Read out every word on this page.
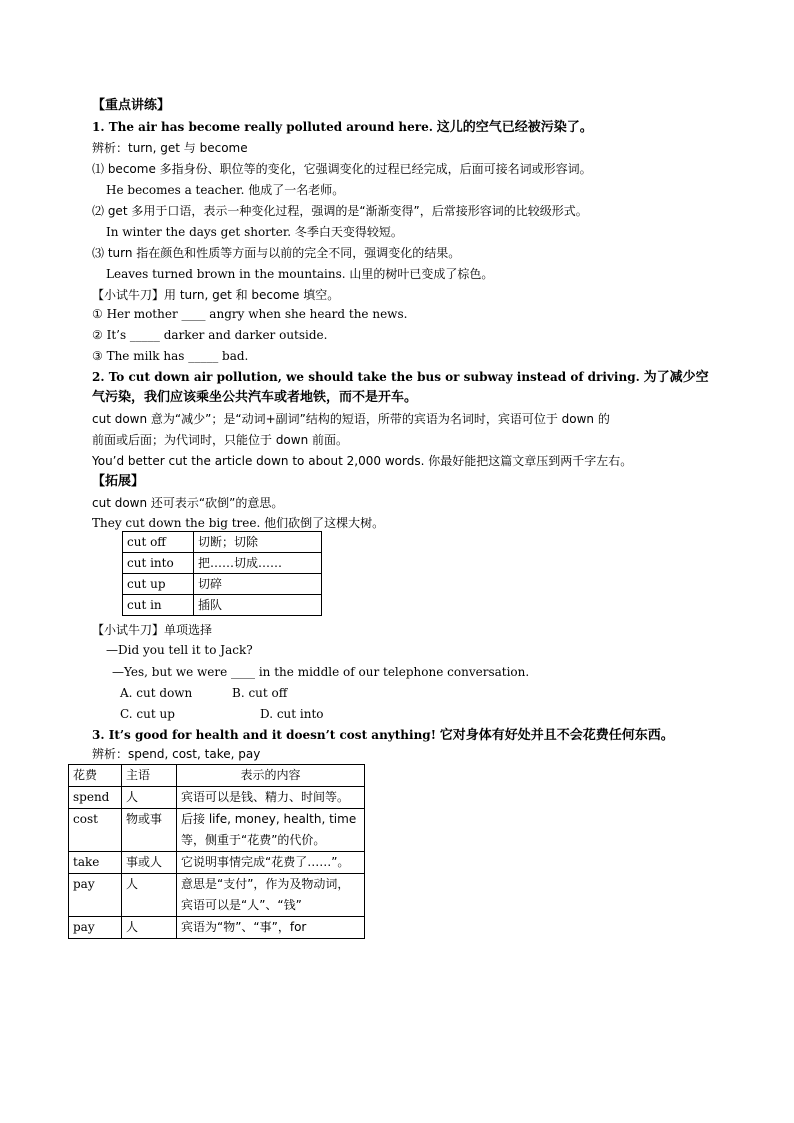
【重点讲练】
1. The air has become really polluted around here. 这儿的空气已经被污染了。
辨析：turn, get 与 become
⑴ become 多指身份、职位等的变化，它强调变化的过程已经完成，后面可接名词或形容词。
He becomes a teacher. 他成了一名老师。
⑵ get 多用于口语，表示一种变化过程，强调的是“渐渐变得”，后常接形容词的比较级形式。
In winter the days get shorter. 冬季白天变得较短。
⑶ turn 指在颜色和性质等方面与以前的完全不同，强调变化的结果。
Leaves turned brown in the mountains. 山里的树叶已变成了棕色。
【小试牛刀】用 turn, get 和 become 填空。
① Her mother ____ angry when she heard the news.
② It’s _____ darker and darker outside.
③ The milk has _____ bad.
2. To cut down air pollution, we should take the bus or subway instead of driving. 为了减少空
气污染，我们应该乘坐公共汽车或者地铁，而不是开车。
cut down 意为“减少”；是“动词+副词”结构的短语，所带的宾语为名词时，宾语可位于 down 的
前面或后面；为代词时，只能位于 down 前面。
You’d better cut the article down to about 2,000 words. 你最好能把这篇文章压到两千字左右。
【拓展】
cut down 还可表示“砍倒”的意思。
They cut down the big tree. 他们砍倒了这棵大树。
cut off	切断；切除
cut into	把……切成……
cut up	切碎
cut in	插队
【小试牛刀】单项选择
—Did you tell it to Jack?
—Yes, but we were ____ in the middle of our telephone conversation.
A. cut down	B. cut off
C. cut up	D. cut into
3. It’s good for health and it doesn’t cost anything! 它对身体有好处并且不会花费任何东西。
辨析：spend, cost, take, pay
花费	主语	表示的内容
spend	人	宾语可以是钱、精力、时间等。
cost	物或事	后接 life, money, health, time 等，侧重于“花费”的代价。
take	事或人	它说明事情完成“花费了……”。
pay	人	意思是“支付”，作为及物动词，宾语可以是“人”、“钱”
pay	人	宾语为“物”、“事”，for
